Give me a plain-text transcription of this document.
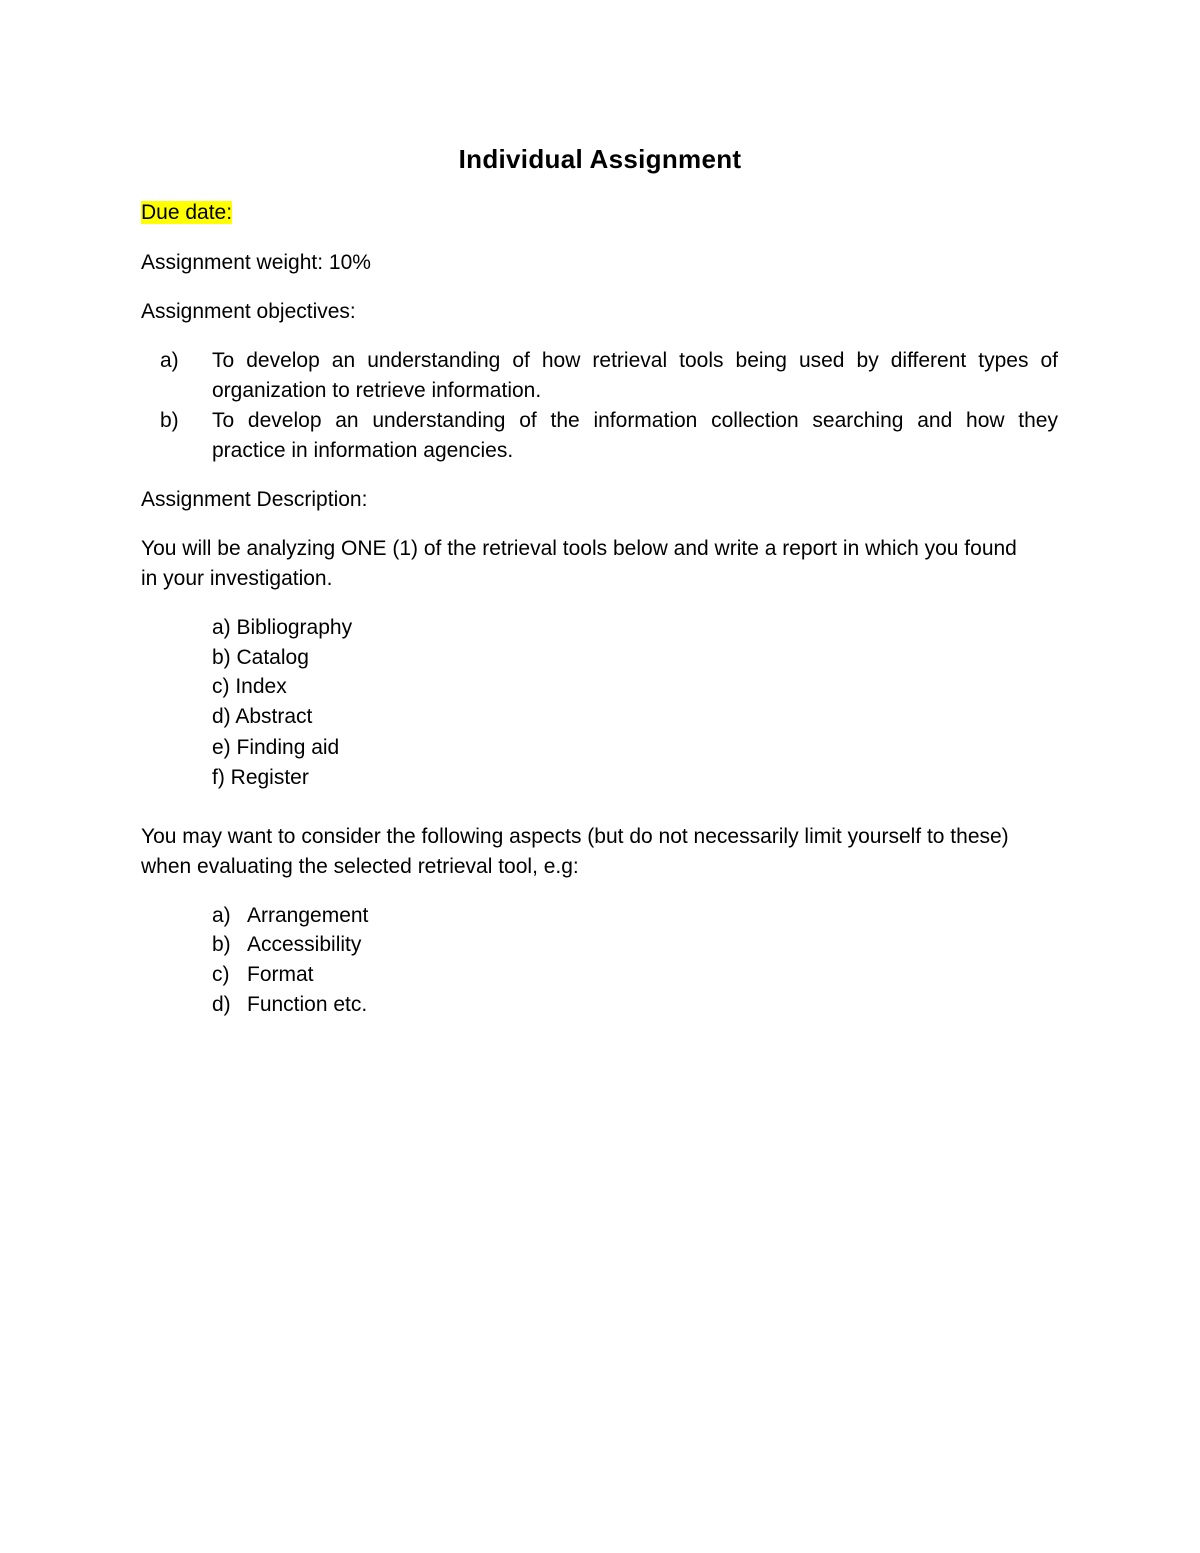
Individual Assignment

Due date:

Assignment weight: 10%

Assignment objectives:

a) To develop an understanding of how retrieval tools being used by different types of

organization to retrieve information.

b) To develop an understanding of the information collection searching and how they

practice in information agencies.

Assignment Description:

You will be analyzing ONE (1) of the retrieval tools below and write a report in which you found

in your investigation.

a) Bibliography

b) Catalog

c) Index

d) Abstract

e) Finding aid

f) Register

You may want to consider the following aspects (but do not necessarily limit yourself to these)

when evaluating the selected retrieval tool, e.g:

a) Arrangement

b) Accessibility

c) Format

d) Function etc.
